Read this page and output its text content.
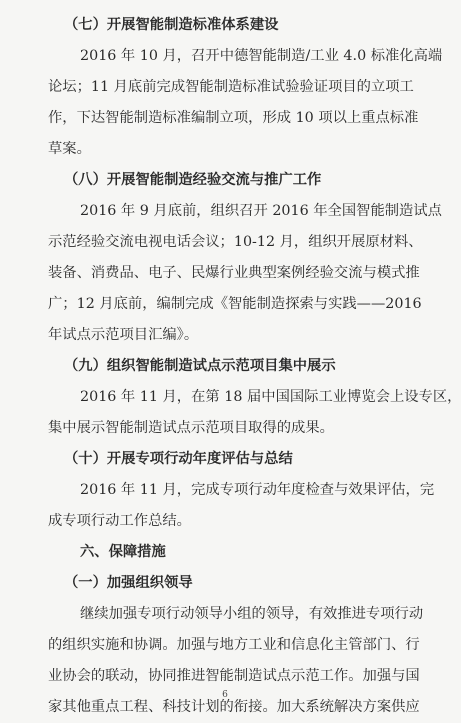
（七）开展智能制造标准体系建设
2016 年 10 月，召开中德智能制造/工业 4.0 标准化高端
论坛；11 月底前完成智能制造标准试验验证项目的立项工
作，下达智能制造标准编制立项，形成 10 项以上重点标准
草案。
（八）开展智能制造经验交流与推广工作
2016 年 9 月底前，组织召开 2016 年全国智能制造试点
示范经验交流电视电话会议；10-12 月，组织开展原材料、
装备、消费品、电子、民爆行业典型案例经验交流与模式推
广；12 月底前，编制完成《智能制造探索与实践——2016
年试点示范项目汇编》。
（九）组织智能制造试点示范项目集中展示
2016 年 11 月，在第 18 届中国国际工业博览会上设专区，
集中展示智能制造试点示范项目取得的成果。
（十）开展专项行动年度评估与总结
2016 年 11 月，完成专项行动年度检查与效果评估，完
成专项行动工作总结。
六、保障措施
（一）加强组织领导
继续加强专项行动领导小组的领导，有效推进专项行动
的组织实施和协调。加强与地方工业和信息化主管部门、行
业协会的联动，协同推进智能制造试点示范工作。加强与国
家其他重点工程、科技计划的衔接。加大系统解决方案供应
6
